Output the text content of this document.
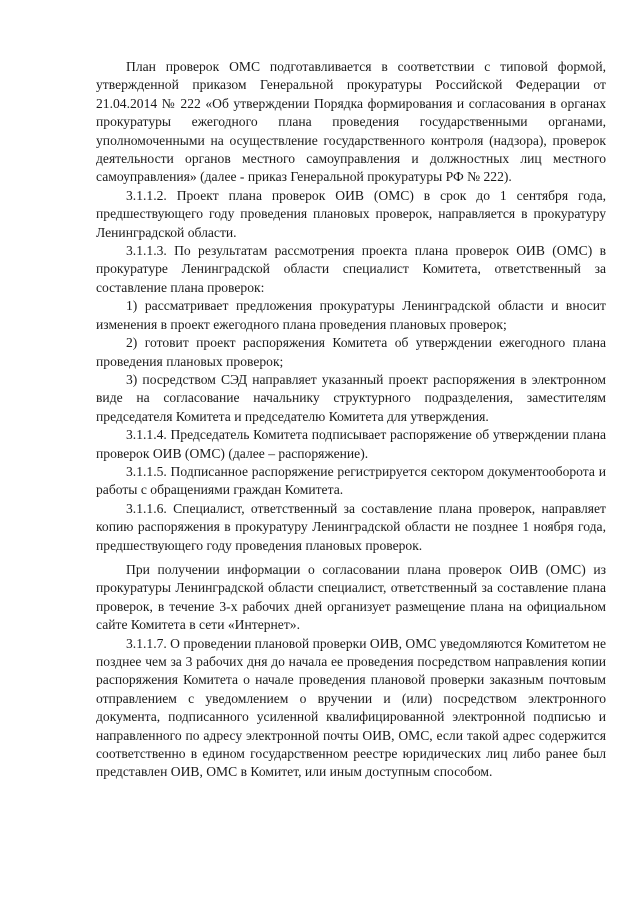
План проверок ОМС подготавливается в соответствии с типовой формой, утвержденной приказом Генеральной прокуратуры Российской Федерации от 21.04.2014 № 222 «Об утверждении Порядка формирования и согласования в органах прокуратуры ежегодного плана проведения государственными органами, уполномоченными на осуществление государственного контроля (надзора), проверок деятельности органов местного самоуправления и должностных лиц местного самоуправления» (далее - приказ Генеральной прокуратуры РФ № 222).

3.1.1.2. Проект плана проверок ОИВ (ОМС) в срок до 1 сентября года, предшествующего году проведения плановых проверок, направляется в прокуратуру Ленинградской области.

3.1.1.3. По результатам рассмотрения проекта плана проверок ОИВ (ОМС) в прокуратуре Ленинградской области специалист Комитета, ответственный за составление плана проверок:

1) рассматривает предложения прокуратуры Ленинградской области и вносит изменения в проект ежегодного плана проведения плановых проверок;

2) готовит проект распоряжения Комитета об утверждении ежегодного плана проведения плановых проверок;

3) посредством СЭД направляет указанный проект распоряжения в электронном виде на согласование начальнику структурного подразделения, заместителям председателя Комитета и председателю Комитета для утверждения.

3.1.1.4. Председатель Комитета подписывает распоряжение об утверждении плана проверок ОИВ (ОМС) (далее – распоряжение).

3.1.1.5. Подписанное распоряжение регистрируется сектором документооборота и работы с обращениями граждан Комитета.

3.1.1.6. Специалист, ответственный за составление плана проверок, направляет копию распоряжения в прокуратуру Ленинградской области не позднее 1 ноября года, предшествующего году проведения плановых проверок.

При получении информации о согласовании плана проверок ОИВ (ОМС) из прокуратуры Ленинградской области специалист, ответственный за составление плана проверок, в течение 3-х рабочих дней организует размещение плана на официальном сайте Комитета в сети «Интернет».

3.1.1.7. О проведении плановой проверки ОИВ, ОМС уведомляются Комитетом не позднее чем за 3 рабочих дня до начала ее проведения посредством направления копии распоряжения Комитета о начале проведения плановой проверки заказным почтовым отправлением с уведомлением о вручении и (или) посредством электронного документа, подписанного усиленной квалифицированной электронной подписью и направленного по адресу электронной почты ОИВ, ОМС, если такой адрес содержится соответственно в едином государственном реестре юридических лиц либо ранее был представлен ОИВ, ОМС в Комитет, или иным доступным способом.
